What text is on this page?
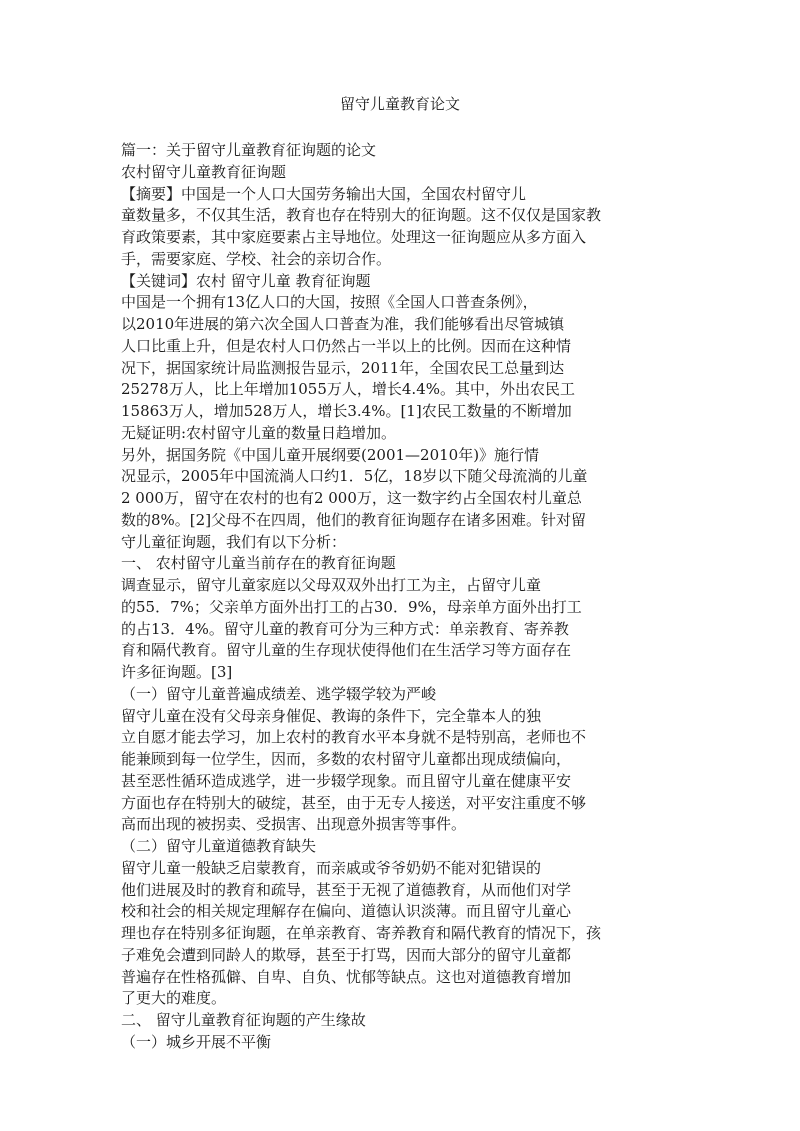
留守儿童教育论文
篇一：关于留守儿童教育征询题的论文
农村留守儿童教育征询题
【摘要】中国是一个人口大国劳务输出大国，全国农村留守儿
童数量多，不仅其生活，教育也存在特别大的征询题。这不仅仅是国家教
育政策要素，其中家庭要素占主导地位。处理这一征询题应从多方面入
手，需要家庭、学校、社会的亲切合作。
【关键词】农村 留守儿童 教育征询题
中国是一个拥有13亿人口的大国，按照《全国人口普查条例》，
以2010年进展的第六次全国人口普查为准，我们能够看出尽管城镇
人口比重上升，但是农村人口仍然占一半以上的比例。因而在这种情
况下，据国家统计局监测报告显示，2011年，全国农民工总量到达
25278万人，比上年增加1055万人，增长4.4%。其中，外出农民工
15863万人，增加528万人，增长3.4%。[1]农民工数量的不断增加
无疑证明:农村留守儿童的数量日趋增加。
另外，据国务院《中国儿童开展纲要(2001—2010年)》施行情
况显示，2005年中国流淌人口约1．5亿，18岁以下随父母流淌的儿童
2 000万，留守在农村的也有2 000万，这一数字约占全国农村儿童总
数的8%。[2]父母不在四周，他们的教育征询题存在诸多困难。针对留
守儿童征询题，我们有以下分析：
一、 农村留守儿童当前存在的教育征询题
调查显示，留守儿童家庭以父母双双外出打工为主，占留守儿童
的55．7%；父亲单方面外出打工的占30．9%，母亲单方面外出打工
的占13．4%。留守儿童的教育可分为三种方式：单亲教育、寄养教
育和隔代教育。留守儿童的生存现状使得他们在生活学习等方面存在
许多征询题。[3]
（一）留守儿童普遍成绩差、逃学辍学较为严峻
留守儿童在没有父母亲身催促、教诲的条件下，完全靠本人的独
立自愿才能去学习，加上农村的教育水平本身就不是特别高，老师也不
能兼顾到每一位学生，因而，多数的农村留守儿童都出现成绩偏向，
甚至恶性循环造成逃学，进一步辍学现象。而且留守儿童在健康平安
方面也存在特别大的破绽，甚至，由于无专人接送，对平安注重度不够
高而出现的被拐卖、受损害、出现意外损害等事件。
（二）留守儿童道德教育缺失
留守儿童一般缺乏启蒙教育，而亲戚或爷爷奶奶不能对犯错误的
他们进展及时的教育和疏导，甚至于无视了道德教育，从而他们对学
校和社会的相关规定理解存在偏向、道德认识淡薄。而且留守儿童心
理也存在特别多征询题，在单亲教育、寄养教育和隔代教育的情况下，孩
子难免会遭到同龄人的欺辱，甚至于打骂，因而大部分的留守儿童都
普遍存在性格孤僻、自卑、自负、忧郁等缺点。这也对道德教育增加
了更大的难度。
二、 留守儿童教育征询题的产生缘故
（一）城乡开展不平衡
